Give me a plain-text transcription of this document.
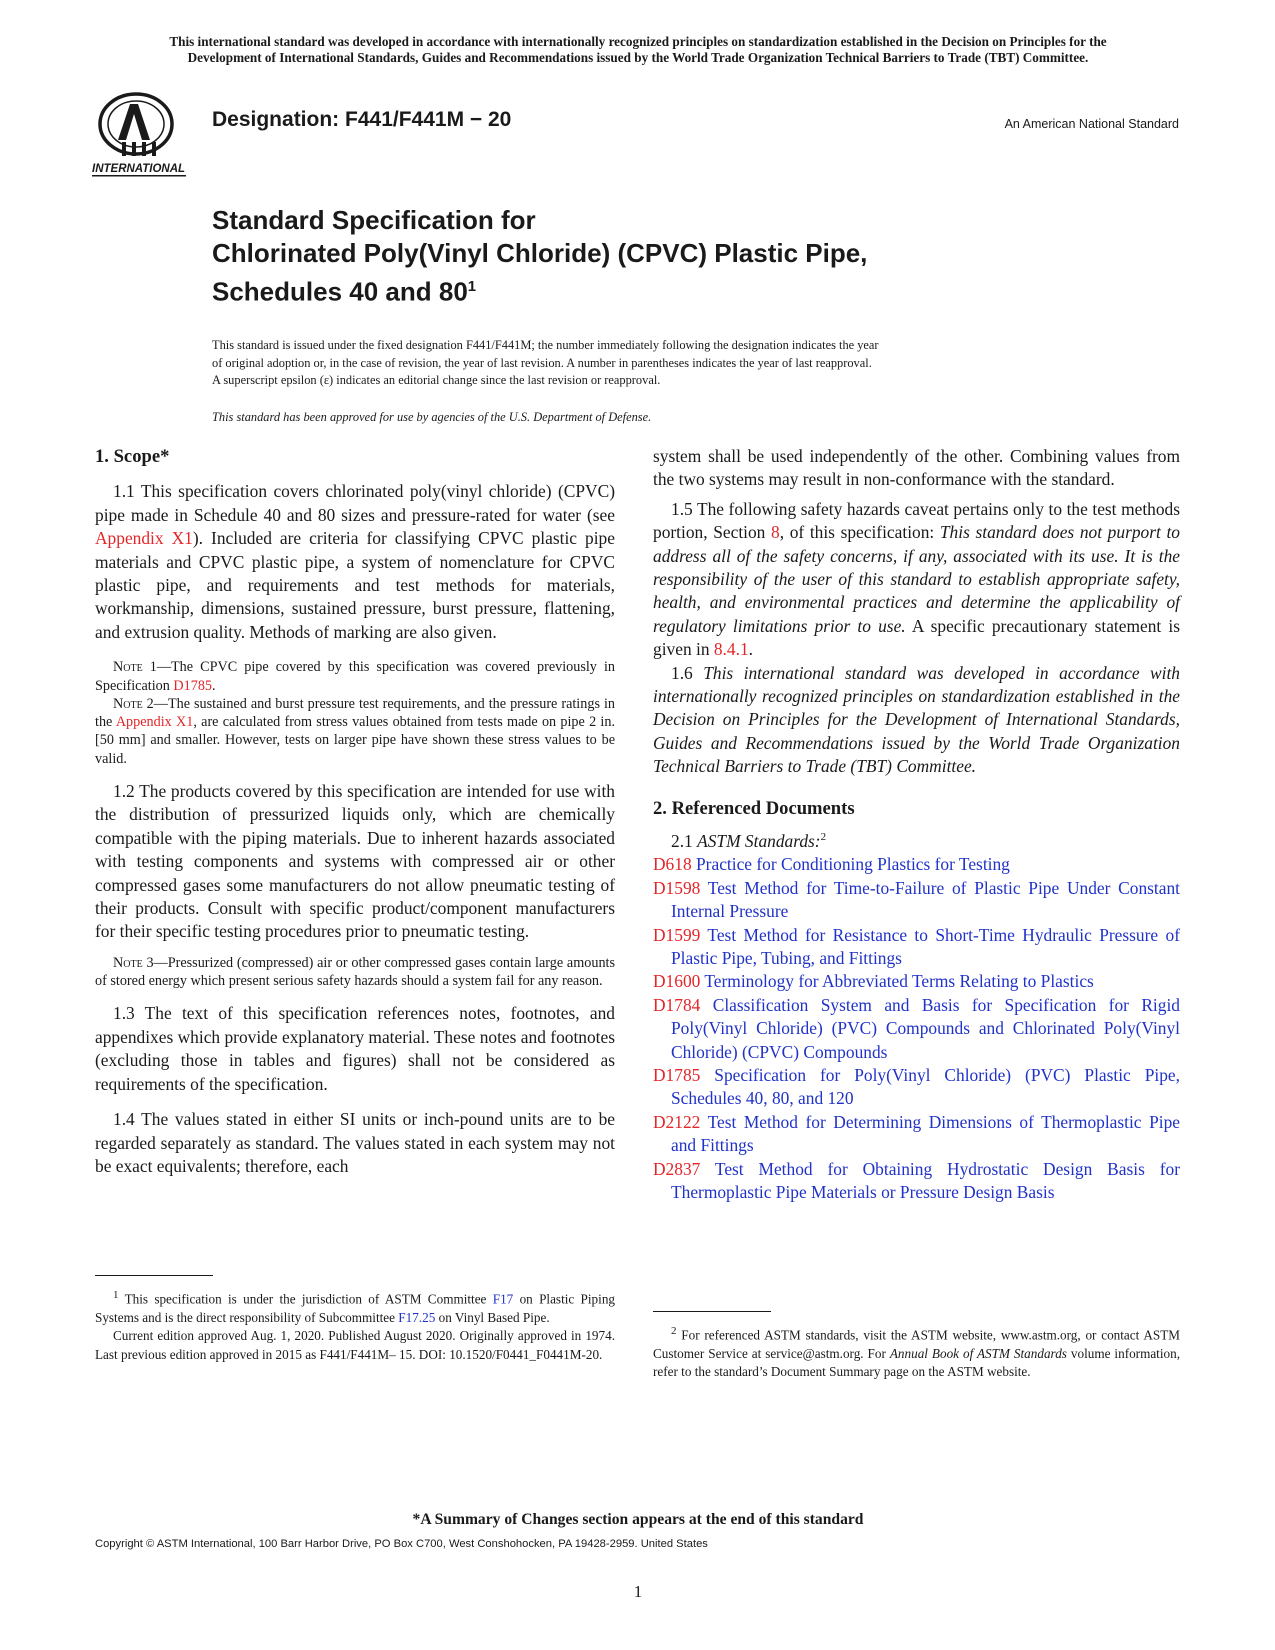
This international standard was developed in accordance with internationally recognized principles on standardization established in the Decision on Principles for the
Development of International Standards, Guides and Recommendations issued by the World Trade Organization Technical Barriers to Trade (TBT) Committee.
INTERNATIONAL
Designation: F441/F441M − 20	An American National Standard
Standard Specification for
Chlorinated Poly(Vinyl Chloride) (CPVC) Plastic Pipe,
Schedules 40 and $80^1$
This standard is issued under the fixed designation F441/F441M; the number immediately following the designation indicates the year
of original adoption or, in the case of revision, the year of last revision. A number in parentheses indicates the year of last reapproval.
A superscript epsilon (ε) indicates an editorial change since the last revision or reapproval.
This standard has been approved for use by agencies of the U.S. Department of Defense.

1. Scope*

1.1 This specification covers chlorinated poly(vinyl chloride) (CPVC) pipe made in Schedule 40 and 80 sizes and pressure-rated for water (see Appendix X1). Included are criteria for classifying CPVC plastic pipe materials and CPVC plastic pipe, a system of nomenclature for CPVC plastic pipe, and requirements and test methods for materials, workmanship, dimensions, sustained pressure, burst pressure, flattening, and extrusion quality. Methods of marking are also given.

Note 1—The CPVC pipe covered by this specification was covered previously in Specification D1785.
Note 2—The sustained and burst pressure test requirements, and the pressure ratings in the Appendix X1, are calculated from stress values obtained from tests made on pipe 2 in. [50 mm] and smaller. However, tests on larger pipe have shown these stress values to be valid.

1.2 The products covered by this specification are intended for use with the distribution of pressurized liquids only, which are chemically compatible with the piping materials. Due to inherent hazards associated with testing components and systems with compressed air or other compressed gases some manufacturers do not allow pneumatic testing of their products. Consult with specific product/component manufacturers for their specific testing procedures prior to pneumatic testing.

Note 3—Pressurized (compressed) air or other compressed gases contain large amounts of stored energy which present serious safety hazards should a system fail for any reason.

1.3 The text of this specification references notes, footnotes, and appendixes which provide explanatory material. These notes and footnotes (excluding those in tables and figures) shall not be considered as requirements of the specification.

1.4 The values stated in either SI units or inch-pound units are to be regarded separately as standard. The values stated in each system may not be exact equivalents; therefore, each

system shall be used independently of the other. Combining values from the two systems may result in non-conformance with the standard.

1.5 The following safety hazards caveat pertains only to the test methods portion, Section 8, of this specification: This standard does not purport to address all of the safety concerns, if any, associated with its use. It is the responsibility of the user of this standard to establish appropriate safety, health, and environmental practices and determine the applicability of regulatory limitations prior to use. A specific precautionary statement is given in 8.4.1.

1.6 This international standard was developed in accordance with internationally recognized principles on standardization established in the Decision on Principles for the Development of International Standards, Guides and Recommendations issued by the World Trade Organization Technical Barriers to Trade (TBT) Committee.

2. Referenced Documents

2.1 ASTM Standards:$^2$

D618 Practice for Conditioning Plastics for Testing

D1598 Test Method for Time-to-Failure of Plastic Pipe Under Constant Internal Pressure

D1599 Test Method for Resistance to Short-Time Hydraulic Pressure of Plastic Pipe, Tubing, and Fittings

D1600 Terminology for Abbreviated Terms Relating to Plastics

D1784 Classification System and Basis for Specification for Rigid Poly(Vinyl Chloride) (PVC) Compounds and Chlorinated Poly(Vinyl Chloride) (CPVC) Compounds

D1785 Specification for Poly(Vinyl Chloride) (PVC) Plastic Pipe, Schedules 40, 80, and 120

D2122 Test Method for Determining Dimensions of Thermoplastic Pipe and Fittings

D2837 Test Method for Obtaining Hydrostatic Design Basis for Thermoplastic Pipe Materials or Pressure Design Basis

$^1$ This specification is under the jurisdiction of ASTM Committee F17 on Plastic Piping Systems and is the direct responsibility of Subcommittee F17.25 on Vinyl Based Pipe.

Current edition approved Aug. 1, 2020. Published August 2020. Originally approved in 1974. Last previous edition approved in 2015 as F441/F441M– 15. DOI: 10.1520/F0441_F0441M-20.

$^2$ For referenced ASTM standards, visit the ASTM website, www.astm.org, or contact ASTM Customer Service at service@astm.org. For Annual Book of ASTM Standards volume information, refer to the standard’s Document Summary page on the ASTM website.

*A Summary of Changes section appears at the end of this standard
Copyright © ASTM International, 100 Barr Harbor Drive, PO Box C700, West Conshohocken, PA 19428-2959. United States
1
